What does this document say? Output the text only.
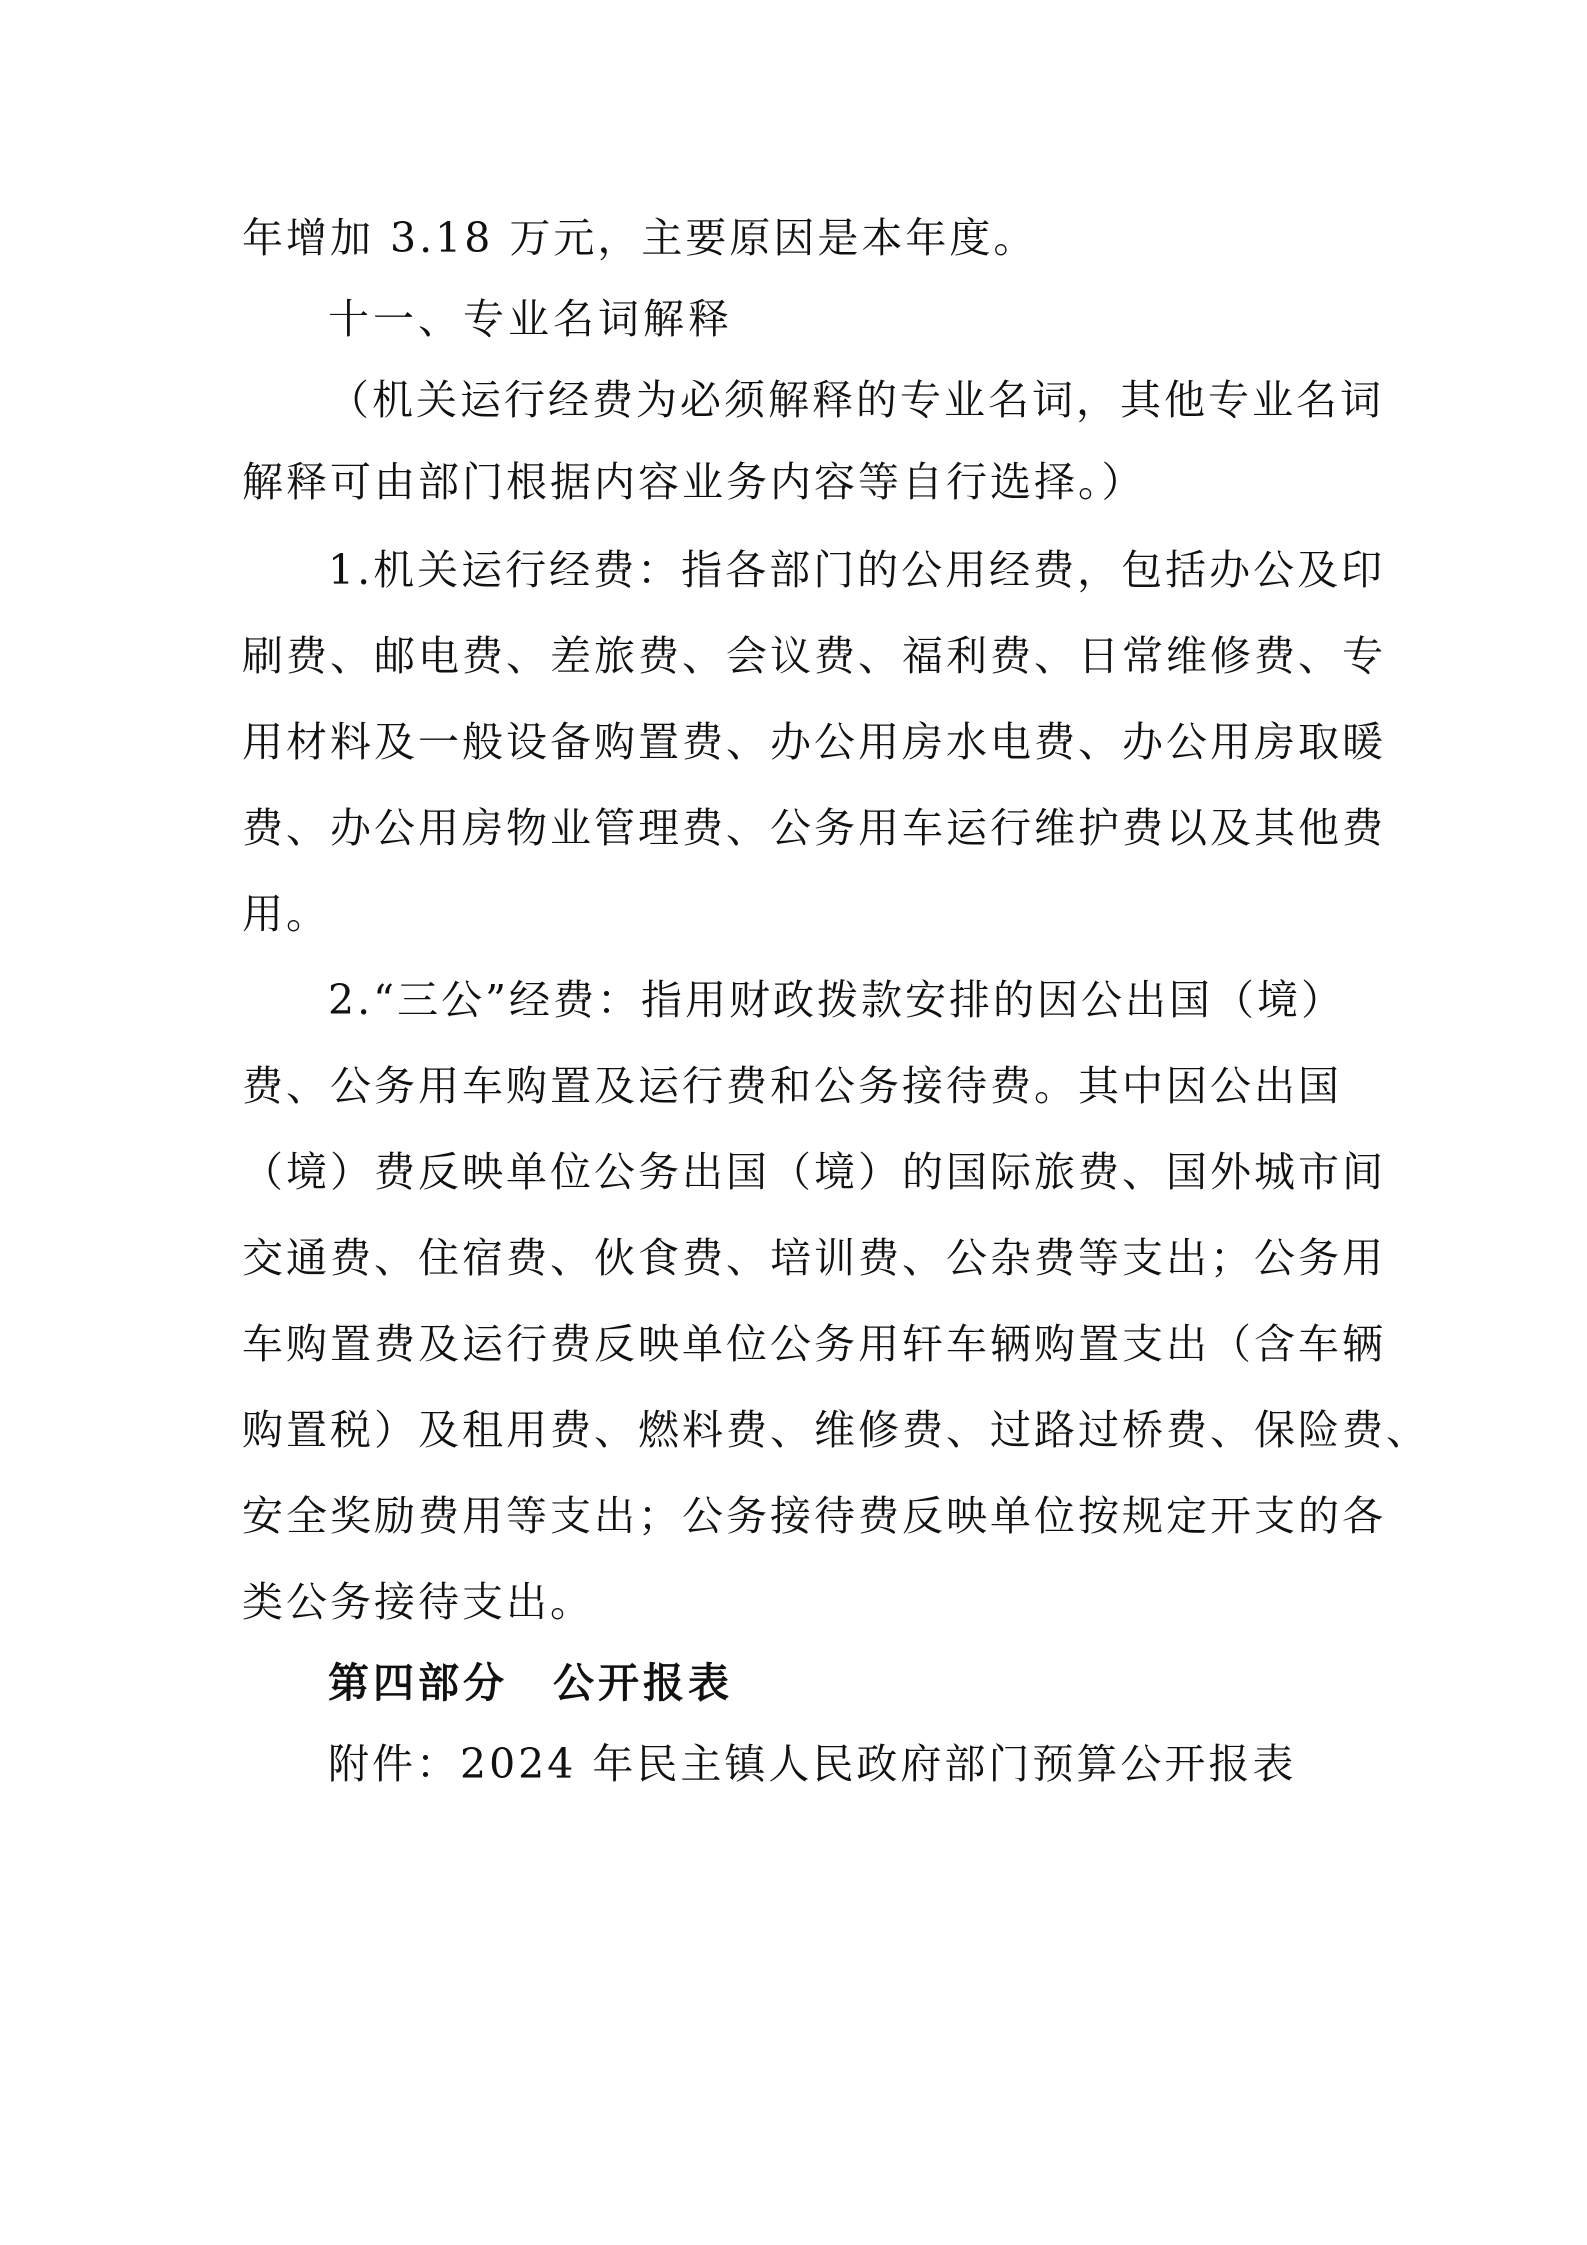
年增加 3.18 万元，主要原因是本年度。
十一、专业名词解释
（机关运行经费为必须解释的专业名词，其他专业名词
解释可由部门根据内容业务内容等自行选择。）
1.机关运行经费：指各部门的公用经费，包括办公及印
刷费、邮电费、差旅费、会议费、福利费、日常维修费、专
用材料及一般设备购置费、办公用房水电费、办公用房取暖
费、办公用房物业管理费、公务用车运行维护费以及其他费
用。
2.“三公”经费：指用财政拨款安排的因公出国（境）
费、公务用车购置及运行费和公务接待费。其中因公出国
（境）费反映单位公务出国（境）的国际旅费、国外城市间
交通费、住宿费、伙食费、培训费、公杂费等支出；公务用
车购置费及运行费反映单位公务用轩车辆购置支出（含车辆
购置税）及租用费、燃料费、维修费、过路过桥费、保险费、
安全奖励费用等支出；公务接待费反映单位按规定开支的各
类公务接待支出。
第四部分　公开报表
附件：2024 年民主镇人民政府部门预算公开报表
